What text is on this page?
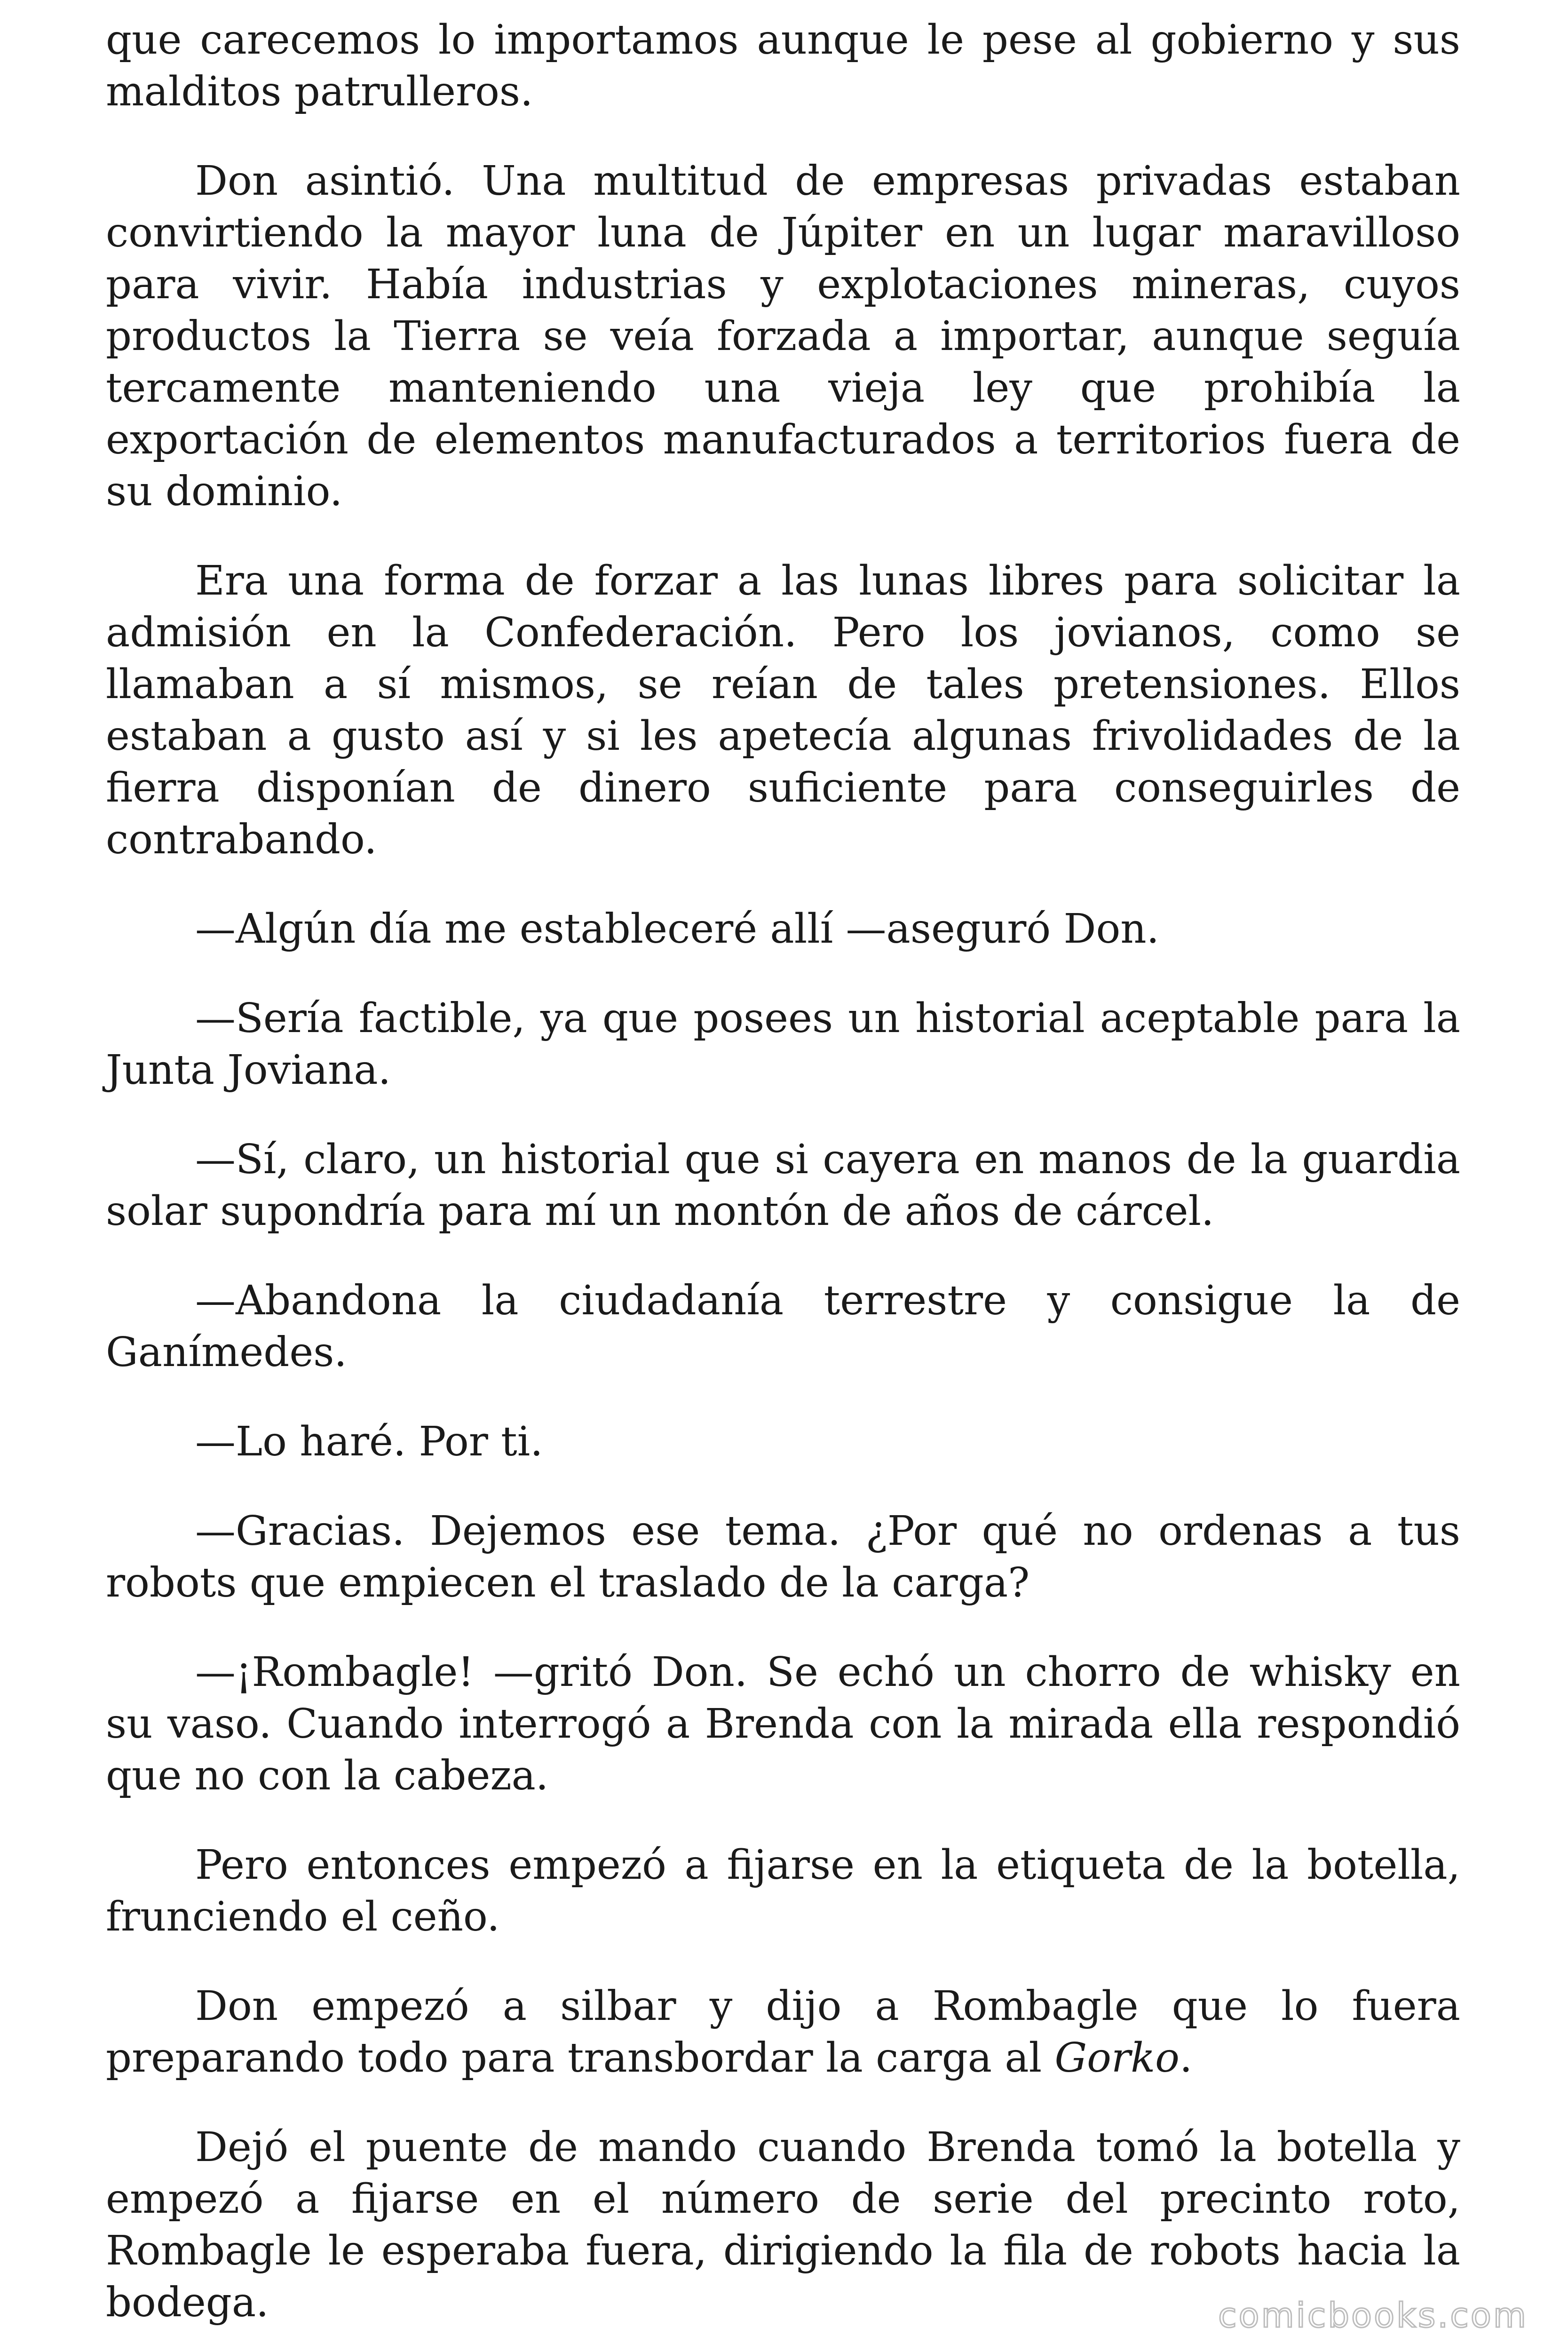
que carecemos lo importamos aunque le pese al gobierno y sus malditos patrulleros.

Don asintió. Una multitud de empresas privadas estaban convirtiendo la mayor luna de Júpiter en un lugar maravilloso para vivir. Había industrias y explotaciones mineras, cuyos productos la Tierra se veía forzada a importar, aunque seguía tercamente manteniendo una vieja ley que prohibía la exportación de elementos manufacturados a territorios fuera de su dominio.

Era una forma de forzar a las lunas libres para solicitar la admisión en la Confederación. Pero los jovianos, como se llamaban a sí mismos, se reían de tales pretensiones. Ellos estaban a gusto así y si les apetecía algunas frivolidades de la fierra disponían de dinero suficiente para conseguirles de contrabando.

—Algún día me estableceré allí —aseguró Don.

—Sería factible, ya que posees un historial aceptable para la Junta Joviana.

—Sí, claro, un historial que si cayera en manos de la guardia solar supondría para mí un montón de años de cárcel.

—Abandona la ciudadanía terrestre y consigue la de Ganímedes.

—Lo haré. Por ti.

—Gracias. Dejemos ese tema. ¿Por qué no ordenas a tus robots que empiecen el traslado de la carga?

—¡Rombagle! —gritó Don. Se echó un chorro de whisky en su vaso. Cuando interrogó a Brenda con la mirada ella respondió que no con la cabeza.

Pero entonces empezó a fijarse en la etiqueta de la botella, frunciendo el ceño.

Don empezó a silbar y dijo a Rombagle que lo fuera preparando todo para transbordar la carga al Gorko.

Dejó el puente de mando cuando Brenda tomó la botella y empezó a fijarse en el número de serie del precinto roto, Rombagle le esperaba fuera, dirigiendo la fila de robots hacia la bodega.	comicbooks.com
